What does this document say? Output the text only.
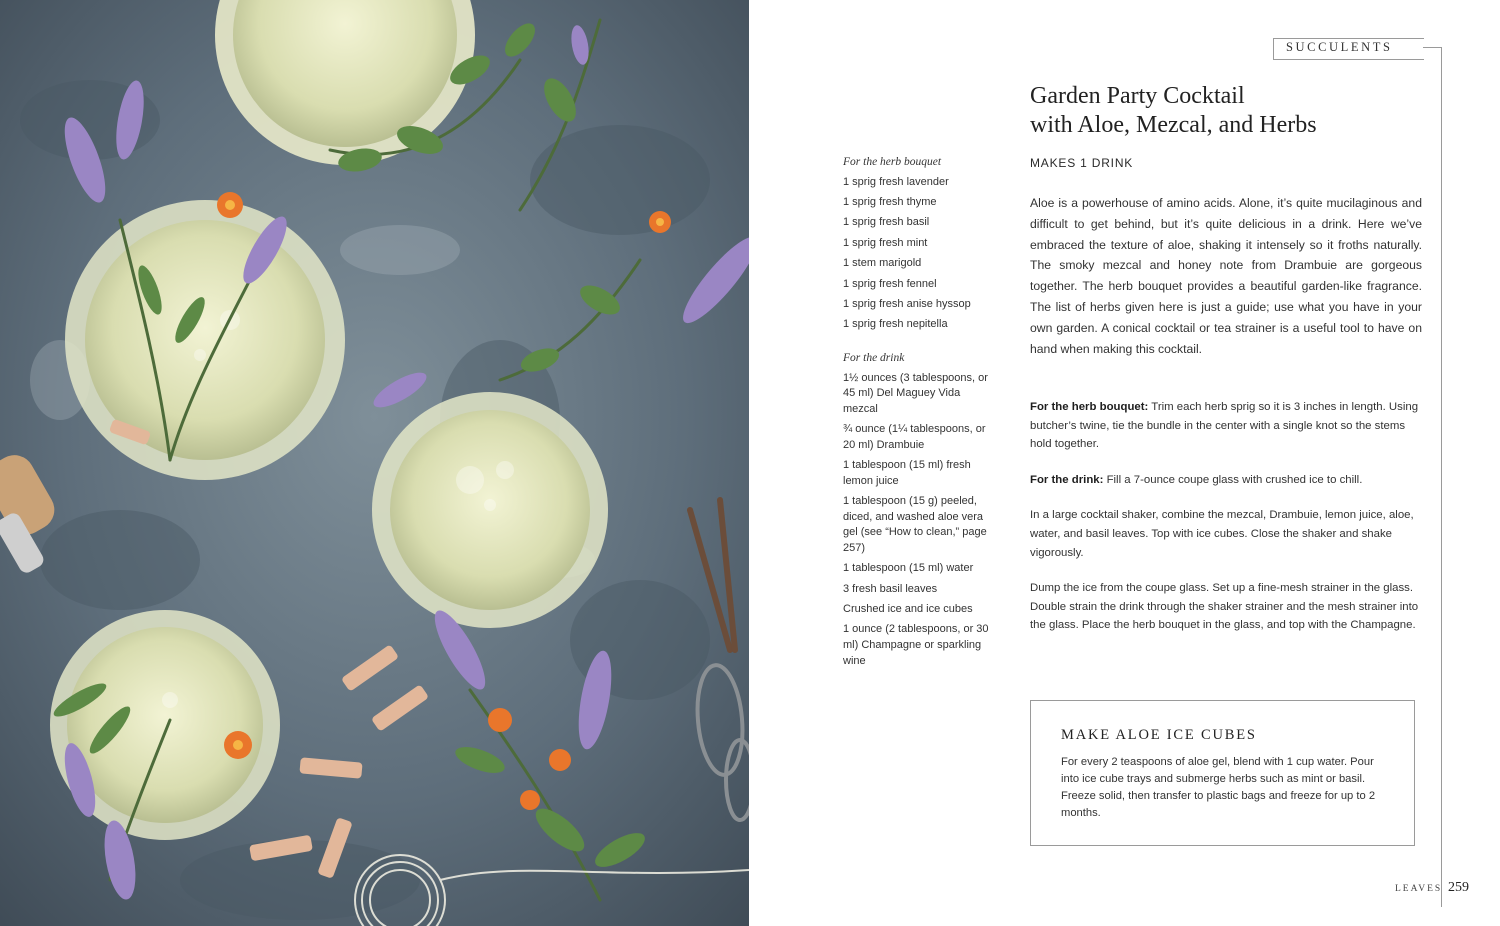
SUCCULENTS
Garden Party Cocktail
with Aloe, Mezcal, and Herbs
MAKES 1 DRINK

Aloe is a powerhouse of amino acids. Alone, it’s quite mucilaginous and difficult to get behind, but it’s quite delicious in a drink. Here we’ve embraced the texture of aloe, shaking it intensely so it froths naturally. The smoky mezcal and honey note from Drambuie are gorgeous together. The herb bouquet provides a beautiful garden-like fragrance. The list of herbs given here is just a guide; use what you have in your own garden. A conical cocktail or tea strainer is a useful tool to have on hand when making this cocktail.

For the herb bouquet
1 sprig fresh lavender
1 sprig fresh thyme
1 sprig fresh basil
1 sprig fresh mint
1 stem marigold
1 sprig fresh fennel
1 sprig fresh anise hyssop
1 sprig fresh nepitella
For the drink
1½ ounces (3 tablespoons, or 45 ml) Del Maguey Vida mezcal
¾ ounce (1¼ tablespoons, or 20 ml) Drambuie
1 tablespoon (15 ml) fresh lemon juice
1 tablespoon (15 g) peeled, diced, and washed aloe vera gel (see “How to clean,” page 257)
1 tablespoon (15 ml) water
3 fresh basil leaves
Crushed ice and ice cubes
1 ounce (2 tablespoons, or 30 ml) Champagne or sparkling wine

For the herb bouquet: Trim each herb sprig so it is 3 inches in length. Using butcher’s twine, tie the bundle in the center with a single knot so the stems hold together.

For the drink: Fill a 7-ounce coupe glass with crushed ice to chill.

In a large cocktail shaker, combine the mezcal, Drambuie, lemon juice, aloe, water, and basil leaves. Top with ice cubes. Close the shaker and shake vigorously.

Dump the ice from the coupe glass. Set up a fine-mesh strainer in the glass. Double strain the drink through the shaker strainer and the mesh strainer into the glass. Place the herb bouquet in the glass, and top with the Champagne.

MAKE ALOE ICE CUBES

For every 2 teaspoons of aloe gel, blend with 1 cup water. Pour into ice cube trays and submerge herbs such as mint or basil. Freeze solid, then transfer to plastic bags and freeze for up to 2 months.

LEAVES 259
